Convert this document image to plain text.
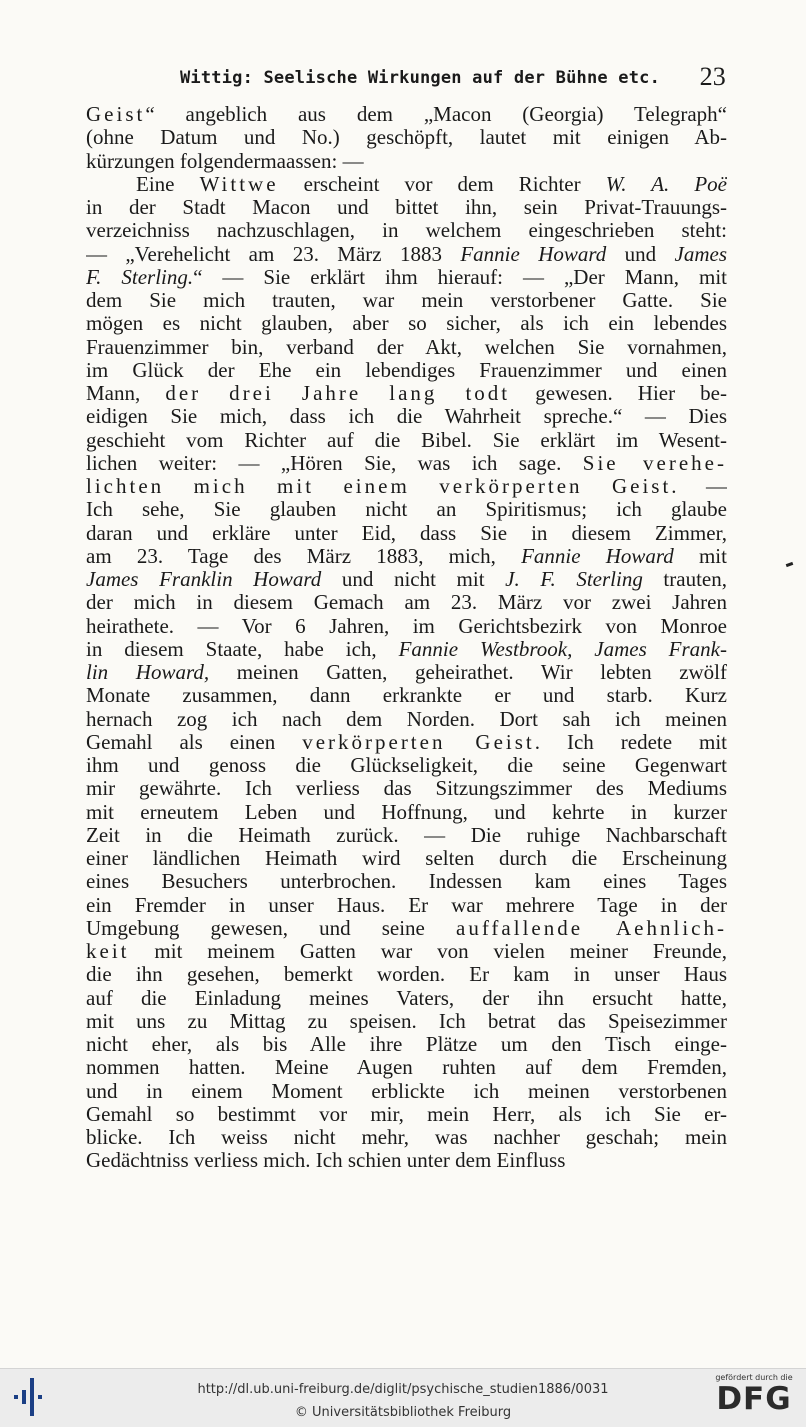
Wittig: Seelische Wirkungen auf der Bühne etc. 23
Geist“ angeblich aus dem „Macon (Georgia) Telegraph“
(ohne Datum und No.) geschöpft, lautet mit einigen Ab-
kürzungen folgendermaassen: —
Eine Wittwe erscheint vor dem Richter W. A. Poë
in der Stadt Macon und bittet ihn, sein Privat-Trauungs-
verzeichniss nachzuschlagen, in welchem eingeschrieben steht:
— „Verehelicht am 23. März 1883 Fannie Howard und James
F. Sterling.“ — Sie erklärt ihm hierauf: — „Der Mann, mit
dem Sie mich trauten, war mein verstorbener Gatte. Sie
mögen es nicht glauben, aber so sicher, als ich ein lebendes
Frauenzimmer bin, verband der Akt, welchen Sie vornahmen,
im Glück der Ehe ein lebendiges Frauenzimmer und einen
Mann, der drei Jahre lang todt gewesen. Hier be-
eidigen Sie mich, dass ich die Wahrheit spreche.“ — Dies
geschieht vom Richter auf die Bibel. Sie erklärt im Wesent-
lichen weiter: — „Hören Sie, was ich sage. Sie verehe-
lichten mich mit einem verkörperten Geist. —
Ich sehe, Sie glauben nicht an Spiritismus; ich glaube
daran und erkläre unter Eid, dass Sie in diesem Zimmer,
am 23. Tage des März 1883, mich, Fannie Howard mit
James Franklin Howard und nicht mit J. F. Sterling trauten,
der mich in diesem Gemach am 23. März vor zwei Jahren
heirathete. — Vor 6 Jahren, im Gerichtsbezirk von Monroe
in diesem Staate, habe ich, Fannie Westbrook, James Frank-
lin Howard, meinen Gatten, geheirathet. Wir lebten zwölf
Monate zusammen, dann erkrankte er und starb. Kurz
hernach zog ich nach dem Norden. Dort sah ich meinen
Gemahl als einen verkörperten Geist. Ich redete mit
ihm und genoss die Glückseligkeit, die seine Gegenwart
mir gewährte. Ich verliess das Sitzungszimmer des Mediums
mit erneutem Leben und Hoffnung, und kehrte in kurzer
Zeit in die Heimath zurück. — Die ruhige Nachbarschaft
einer ländlichen Heimath wird selten durch die Erscheinung
eines Besuchers unterbrochen. Indessen kam eines Tages
ein Fremder in unser Haus. Er war mehrere Tage in der
Umgebung gewesen, und seine auffallende Aehnlich-
keit mit meinem Gatten war von vielen meiner Freunde,
die ihn gesehen, bemerkt worden. Er kam in unser Haus
auf die Einladung meines Vaters, der ihn ersucht hatte,
mit uns zu Mittag zu speisen. Ich betrat das Speisezimmer
nicht eher, als bis Alle ihre Plätze um den Tisch einge-
nommen hatten. Meine Augen ruhten auf dem Fremden,
und in einem Moment erblickte ich meinen verstorbenen
Gemahl so bestimmt vor mir, mein Herr, als ich Sie er-
blicke. Ich weiss nicht mehr, was nachher geschah; mein
Gedächtniss verliess mich. Ich schien unter dem Einfluss
http://dl.ub.uni-freiburg.de/diglit/psychische_studien1886/0031
© Universitätsbibliothek Freiburg
gefördert durch die
DFG
